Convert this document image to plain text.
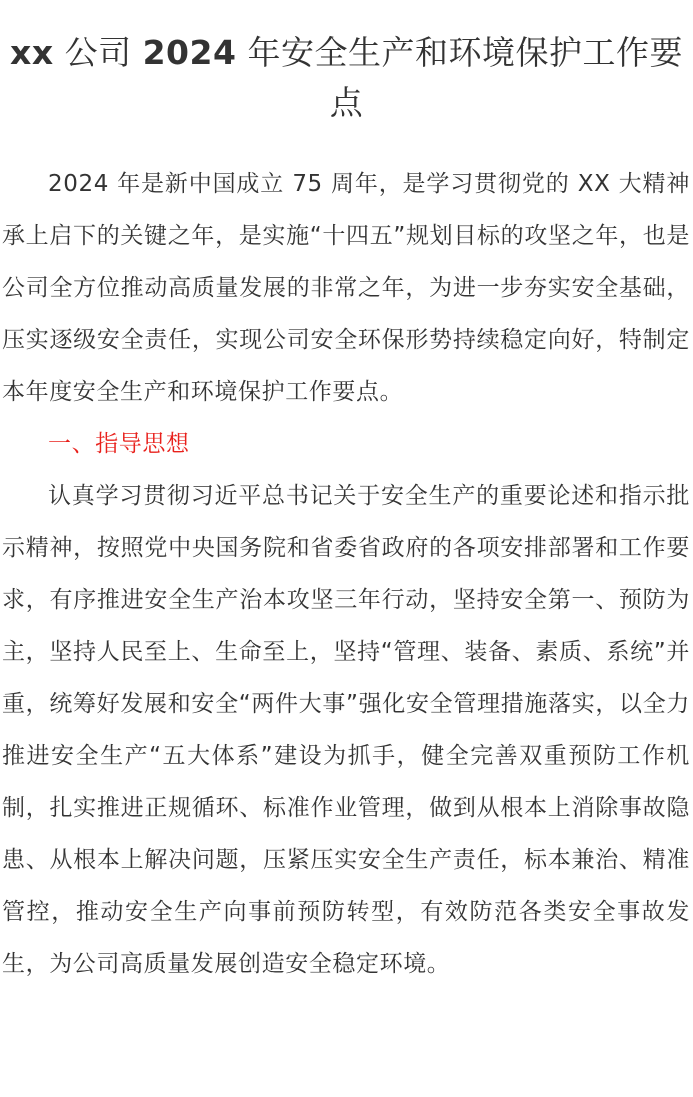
xx 公司 2024 年安全生产和环境保护工作要点

2024 年是新中国成立 75 周年，是学习贯彻党的 XX 大精神承上启下的关键之年，是实施“十四五”规划目标的攻坚之年，也是公司全方位推动高质量发展的非常之年，为进一步夯实安全基础，压实逐级安全责任，实现公司安全环保形势持续稳定向好，特制定本年度安全生产和环境保护工作要点。

一、指导思想

认真学习贯彻习近平总书记关于安全生产的重要论述和指示批示精神，按照党中央国务院和省委省政府的各项安排部署和工作要求，有序推进安全生产治本攻坚三年行动，坚持安全第一、预防为主，坚持人民至上、生命至上，坚持“管理、装备、素质、系统”并重，统筹好发展和安全“两件大事”强化安全管理措施落实，以全力推进安全生产“五大体系”建设为抓手，健全完善双重预防工作机制，扎实推进正规循环、标准作业管理，做到从根本上消除事故隐患、从根本上解决问题，压紧压实安全生产责任，标本兼治、精准管控，推动安全生产向事前预防转型，有效防范各类安全事故发生，为公司高质量发展创造安全稳定环境。
